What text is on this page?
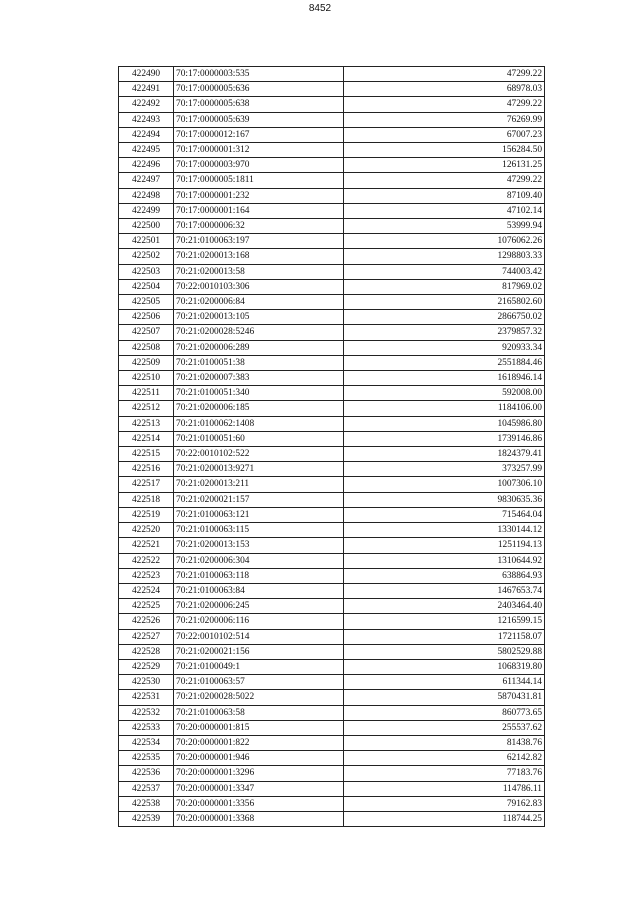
8452
422490	70:17:0000003:535	47299.22
422491	70:17:0000005:636	68978.03
422492	70:17:0000005:638	47299.22
422493	70:17:0000005:639	76269.99
422494	70:17:0000012:167	67007.23
422495	70:17:0000001:312	156284.50
422496	70:17:0000003:970	126131.25
422497	70:17:0000005:1811	47299.22
422498	70:17:0000001:232	87109.40
422499	70:17:0000001:164	47102.14
422500	70:17:0000006:32	53999.94
422501	70:21:0100063:197	1076062.26
422502	70:21:0200013:168	1298803.33
422503	70:21:0200013:58	744003.42
422504	70:22:0010103:306	817969.02
422505	70:21:0200006:84	2165802.60
422506	70:21:0200013:105	2866750.02
422507	70:21:0200028:5246	2379857.32
422508	70:21:0200006:289	920933.34
422509	70:21:0100051:38	2551884.46
422510	70:21:0200007:383	1618946.14
422511	70:21:0100051:340	592008.00
422512	70:21:0200006:185	1184106.00
422513	70:21:0100062:1408	1045986.80
422514	70:21:0100051:60	1739146.86
422515	70:22:0010102:522	1824379.41
422516	70:21:0200013:9271	373257.99
422517	70:21:0200013:211	1007306.10
422518	70:21:0200021:157	9830635.36
422519	70:21:0100063:121	715464.04
422520	70:21:0100063:115	1330144.12
422521	70:21:0200013:153	1251194.13
422522	70:21:0200006:304	1310644.92
422523	70:21:0100063:118	638864.93
422524	70:21:0100063:84	1467653.74
422525	70:21:0200006:245	2403464.40
422526	70:21:0200006:116	1216599.15
422527	70:22:0010102:514	1721158.07
422528	70:21:0200021:156	5802529.88
422529	70:21:0100049:1	1068319.80
422530	70:21:0100063:57	611344.14
422531	70:21:0200028:5022	5870431.81
422532	70:21:0100063:58	860773.65
422533	70:20:0000001:815	255537.62
422534	70:20:0000001:822	81438.76
422535	70:20:0000001:946	62142.82
422536	70:20:0000001:3296	77183.76
422537	70:20:0000001:3347	114786.11
422538	70:20:0000001:3356	79162.83
422539	70:20:0000001:3368	118744.25
